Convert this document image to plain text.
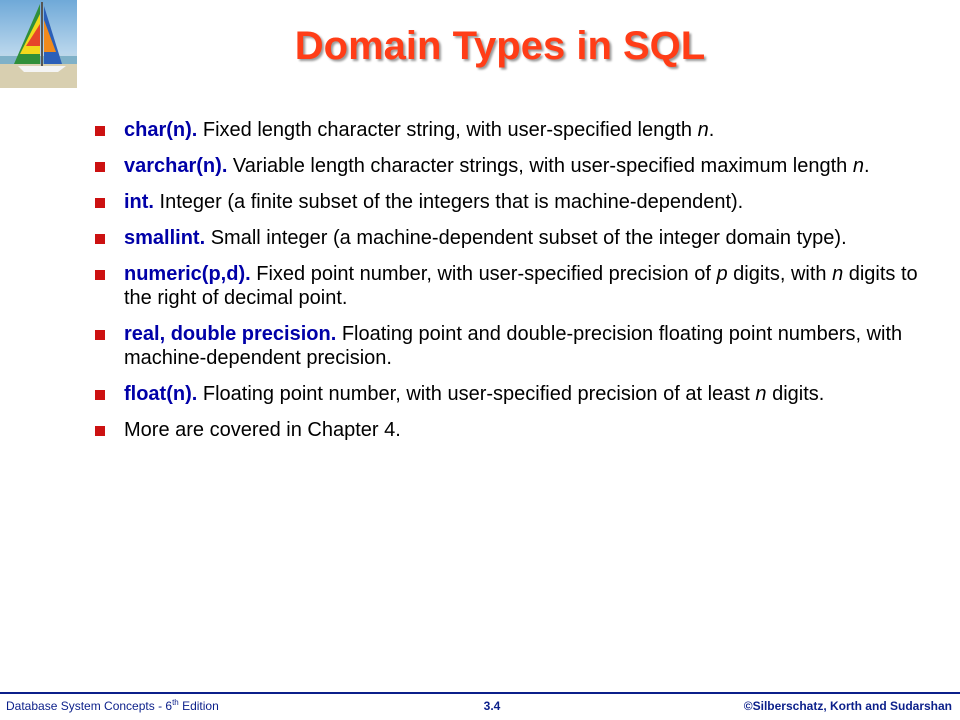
Domain Types in SQL
char(n). Fixed length character string, with user-specified length n.
varchar(n). Variable length character strings, with user-specified maximum length n.
int. Integer (a finite subset of the integers that is machine-dependent).
smallint. Small integer (a machine-dependent subset of the integer domain type).
numeric(p,d). Fixed point number, with user-specified precision of p digits, with n digits to the right of decimal point.
real, double precision. Floating point and double-precision floating point numbers, with machine-dependent precision.
float(n). Floating point number, with user-specified precision of at least n digits.
More are covered in Chapter 4.
Database System Concepts - 6th Edition	3.4	©Silberschatz, Korth and Sudarshan
